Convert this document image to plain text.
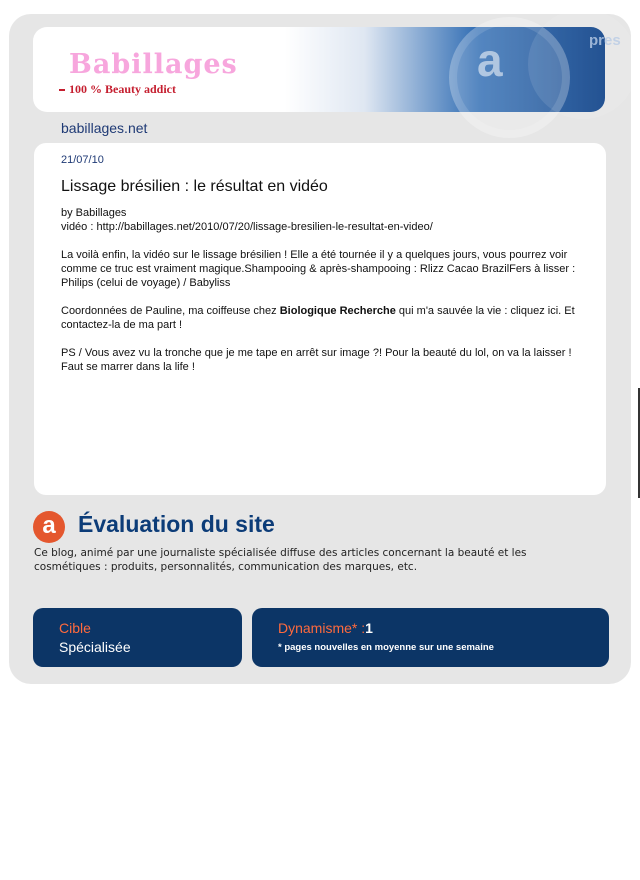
a	pres
Babillages
100 % Beauty addict
babillages.net
21/07/10
Lissage brésilien : le résultat en vidéo

by Babillages
vidéo : http://babillages.net/2010/07/20/lissage-bresilien-le-resultat-en-video/

La voilà enfin, la vidéo sur le lissage brésilien ! Elle a été tournée il y a quelques jours, vous pourrez voir comme ce truc est vraiment magique.Shampooing & après-shampooing : Rlizz Cacao BrazilFers à lisser : Philips (celui de voyage) / Babyliss

Coordonnées de Pauline, ma coiffeuse chez Biologique Recherche qui m'a sauvée la vie : cliquez ici. Et contactez-la de ma part !

PS / Vous avez vu la tronche que je me tape en arrêt sur image ?! Pour la beauté du lol, on va la laisser ! Faut se marrer dans la life !

a Évaluation du site
Ce blog, animé par une journaliste spécialisée diffuse des articles concernant la beauté et les cosmétiques : produits, personnalités, communication des marques, etc.
Cible
Spécialisée
Dynamisme* :1
* pages nouvelles en moyenne sur une semaine
